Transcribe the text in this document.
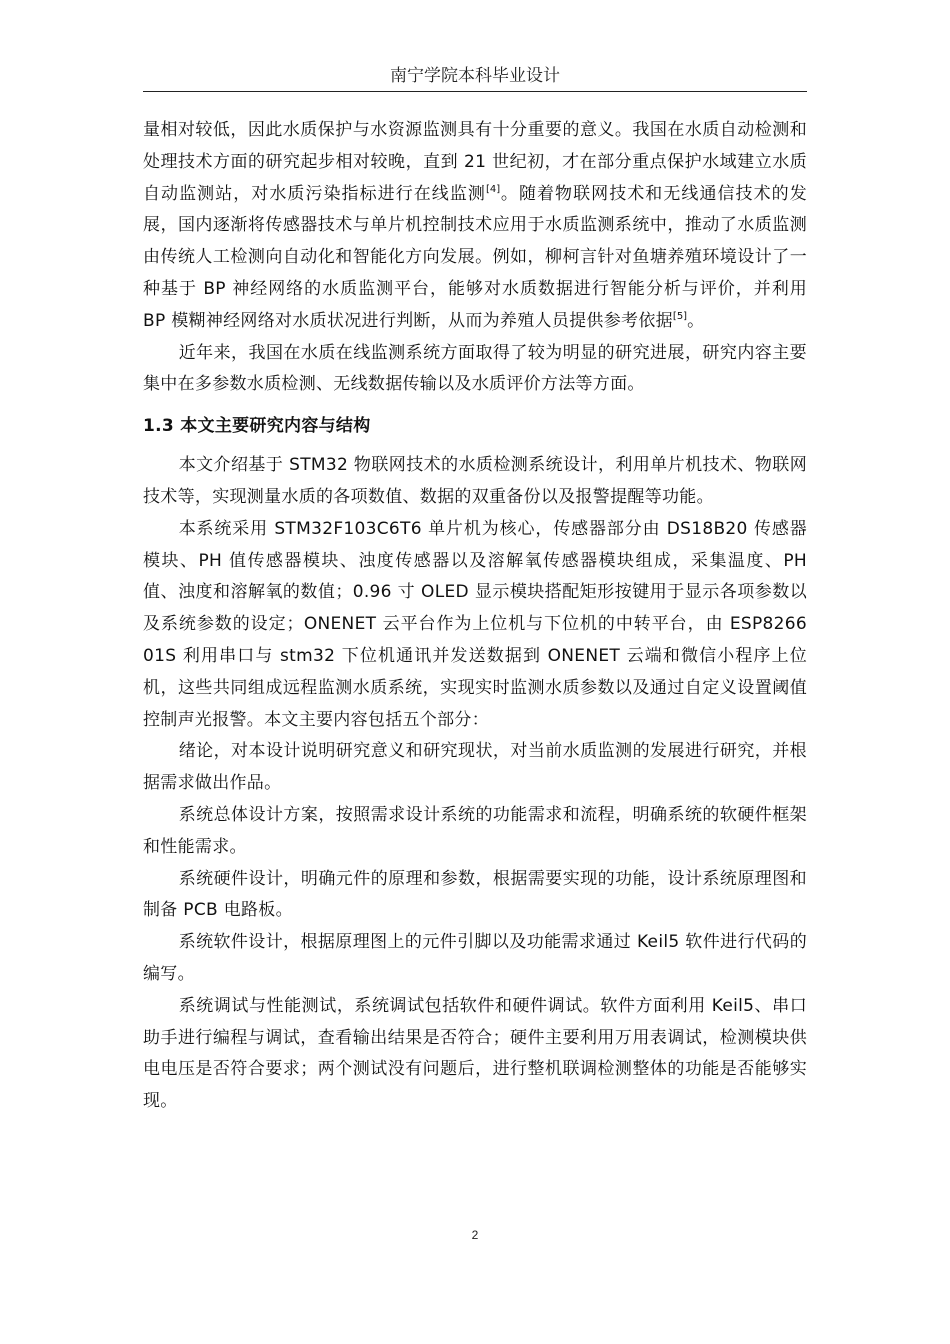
南宁学院本科毕业设计

量相对较低，因此水质保护与水资源监测具有十分重要的意义。我国在水质自动检测和处理技术方面的研究起步相对较晚，直到 21 世纪初，才在部分重点保护水域建立水质自动监测站，对水质污染指标进行在线监测[4]。随着物联网技术和无线通信技术的发展，国内逐渐将传感器技术与单片机控制技术应用于水质监测系统中，推动了水质监测由传统人工检测向自动化和智能化方向发展。例如，柳柯言针对鱼塘养殖环境设计了一种基于 BP 神经网络的水质监测平台，能够对水质数据进行智能分析与评价，并利用 BP 模糊神经网络对水质状况进行判断，从而为养殖人员提供参考依据[5]。

近年来，我国在水质在线监测系统方面取得了较为明显的研究进展，研究内容主要集中在多参数水质检测、无线数据传输以及水质评价方法等方面。

1.3 本文主要研究内容与结构

本文介绍基于 STM32 物联网技术的水质检测系统设计，利用单片机技术、物联网技术等，实现测量水质的各项数值、数据的双重备份以及报警提醒等功能。

本系统采用 STM32F103C6T6 单片机为核心，传感器部分由 DS18B20 传感器模块、PH 值传感器模块、浊度传感器以及溶解氧传感器模块组成，采集温度、PH 值、浊度和溶解氧的数值；0.96 寸 OLED 显示模块搭配矩形按键用于显示各项参数以及系统参数的设定；ONENET 云平台作为上位机与下位机的中转平台，由 ESP8266 01S 利用串口与 stm32 下位机通讯并发送数据到 ONENET 云端和微信小程序上位机，这些共同组成远程监测水质系统，实现实时监测水质参数以及通过自定义设置阈值控制声光报警。本文主要内容包括五个部分：

绪论，对本设计说明研究意义和研究现状，对当前水质监测的发展进行研究，并根据需求做出作品。

系统总体设计方案，按照需求设计系统的功能需求和流程，明确系统的软硬件框架和性能需求。

系统硬件设计，明确元件的原理和参数，根据需要实现的功能，设计系统原理图和制备 PCB 电路板。

系统软件设计，根据原理图上的元件引脚以及功能需求通过 Keil5 软件进行代码的编写。

系统调试与性能测试，系统调试包括软件和硬件调试。软件方面利用 Keil5、串口助手进行编程与调试，查看输出结果是否符合；硬件主要利用万用表调试，检测模块供电电压是否符合要求；两个测试没有问题后，进行整机联调检测整体的功能是否能够实现。

2
